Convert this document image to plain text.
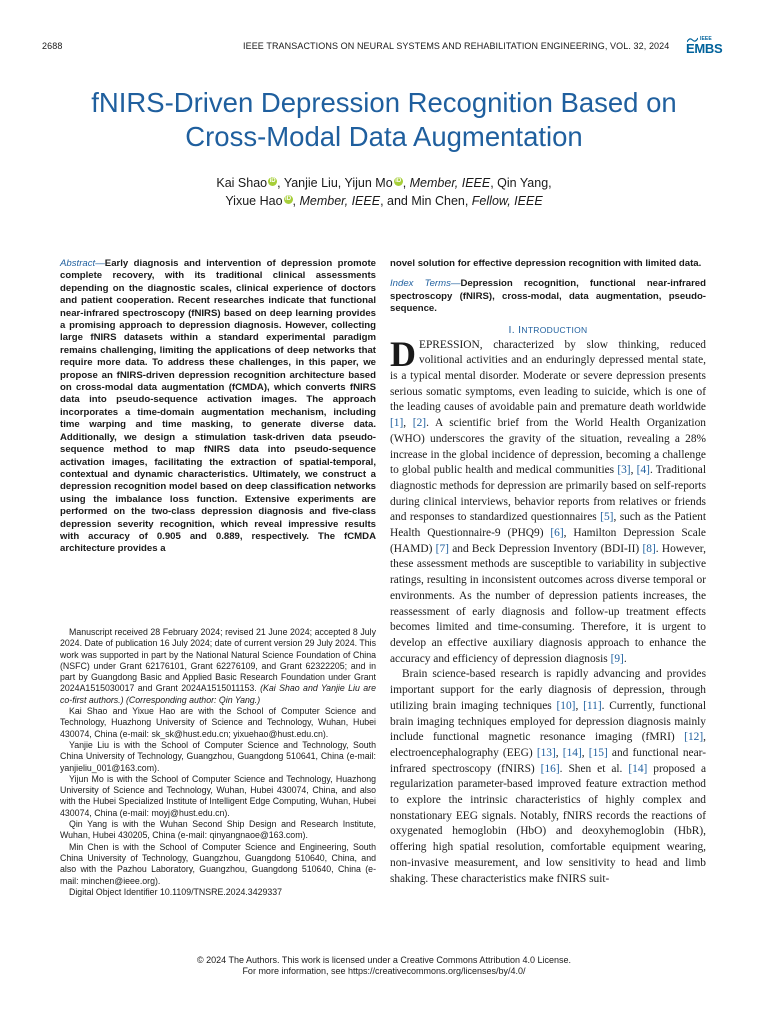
2688	IEEE TRANSACTIONS ON NEURAL SYSTEMS AND REHABILITATION ENGINEERING, VOL. 32, 2024
IEEE
EMBS
fNIRS-Driven Depression Recognition Based on
Cross-Modal Data Augmentation
Kai Shao iD , Yanjie Liu, Yijun Mo iD , Member, IEEE, Qin Yang,
Yixue Hao iD , Member, IEEE, and Min Chen, Fellow, IEEE

Abstract—Early diagnosis and intervention of depression promote complete recovery, with its traditional clinical assessments depending on the diagnostic scales, clinical experience of doctors and patient cooperation. Recent researches indicate that functional near-infrared spectroscopy (fNIRS) based on deep learning provides a promising approach to depression diagnosis. However, collecting large fNIRS datasets within a standard experimental paradigm remains challenging, limiting the applications of deep networks that require more data. To address these challenges, in this paper, we propose an fNIRS-driven depression recognition architecture based on cross-modal data augmentation (fCMDA), which converts fNIRS data into pseudo-sequence activation images. The approach incorporates a time-domain augmentation mechanism, including time warping and time masking, to generate diverse data. Additionally, we design a stimulation task-driven data pseudo-sequence method to map fNIRS data into pseudo-sequence activation images, facilitating the extraction of spatial-temporal, contextual and dynamic characteristics. Ultimately, we construct a depression recognition model based on deep classification networks using the imbalance loss function. Extensive experiments are performed on the two-class depression diagnosis and five-class depression severity recognition, which reveal impressive results with accuracy of 0.905 and 0.889, respectively. The fCMDA architecture provides a

Manuscript received 28 February 2024; revised 21 June 2024; accepted 8 July 2024. Date of publication 16 July 2024; date of current version 29 July 2024. This work was supported in part by the National Natural Science Foundation of China (NSFC) under Grant 62176101, Grant 62276109, and Grant 62322205; and in part by Guangdong Basic and Applied Basic Research Foundation under Grant 2024A1515030017 and Grant 2024A1515011153. (Kai Shao and Yanjie Liu are co-first authors.) (Corresponding author: Qin Yang.)

Kai Shao and Yixue Hao are with the School of Computer Science and Technology, Huazhong University of Science and Technology, Wuhan, Hubei 430074, China (e-mail: sk_sk@hust.edu.cn; yixuehao@hust.edu.cn).

Yanjie Liu is with the School of Computer Science and Technology, South China University of Technology, Guangzhou, Guangdong 510641, China (e-mail: yanjieliu_001@163.com).

Yijun Mo is with the School of Computer Science and Technology, Huazhong University of Science and Technology, Wuhan, Hubei 430074, China, and also with the Hubei Specialized Institute of Intelligent Edge Computing, Wuhan, Hubei 430074, China (e-mail: moyj@hust.edu.cn).

Qin Yang is with the Wuhan Second Ship Design and Research Institute, Wuhan, Hubei 430205, China (e-mail: qinyangnaoe@163.com).

Min Chen is with the School of Computer Science and Engineering, South China University of Technology, Guangzhou, Guangdong 510640, China, and also with the Pazhou Laboratory, Guangzhou, Guangdong 510640, China (e-mail: minchen@ieee.org).

Digital Object Identifier 10.1109/TNSRE.2024.3429337

novel solution for effective depression recognition with limited data.

Index Terms—Depression recognition, functional near-infrared spectroscopy (fNIRS), cross-modal, data augmentation, pseudo-sequence.

I. INTRODUCTION

DEPRESSION, characterized by slow thinking, reduced volitional activities and an enduringly depressed mental state, is a typical mental disorder. Moderate or severe depression presents serious somatic symptoms, even leading to suicide, which is one of the leading causes of avoidable pain and premature death worldwide [1], [2]. A scientific brief from the World Health Organization (WHO) underscores the gravity of the situation, revealing a 28% increase in the global incidence of depression, becoming a challenge to global public health and medical communities [3], [4]. Traditional diagnostic methods for depression are primarily based on self-reports during clinical interviews, behavior reports from relatives or friends and responses to standardized questionnaires [5], such as the Patient Health Questionnaire-9 (PHQ9) [6], Hamilton Depression Scale (HAMD) [7] and Beck Depression Inventory (BDI-II) [8]. However, these assessment methods are susceptible to variability in subjective ratings, resulting in inconsistent outcomes across diverse temporal or environments. As the number of depression patients increases, the reassessment of early diagnosis and follow-up treatment effects becomes limited and time-consuming. Therefore, it is urgent to develop an effective auxiliary diagnosis approach to enhance the accuracy and efficiency of depression diagnosis [9].

Brain science-based research is rapidly advancing and provides important support for the early diagnosis of depression, through utilizing brain imaging techniques [10], [11]. Currently, functional brain imaging techniques employed for depression diagnosis mainly include functional magnetic resonance imaging (fMRI) [12], electroencephalography (EEG) [13], [14], [15] and functional near-infrared spectroscopy (fNIRS) [16]. Shen et al. [14] proposed a regularization parameter-based improved feature extraction method to explore the intrinsic characteristics of highly complex and nonstationary EEG signals. Notably, fNIRS records the reactions of oxygenated hemoglobin (HbO) and deoxyhemoglobin (HbR), offering high spatial resolution, comfortable equipment wearing, non-invasive measurement, and low sensitivity to head and limb shaking. These characteristics make fNIRS suit-

© 2024 The Authors. This work is licensed under a Creative Commons Attribution 4.0 License.
For more information, see https://creativecommons.org/licenses/by/4.0/
